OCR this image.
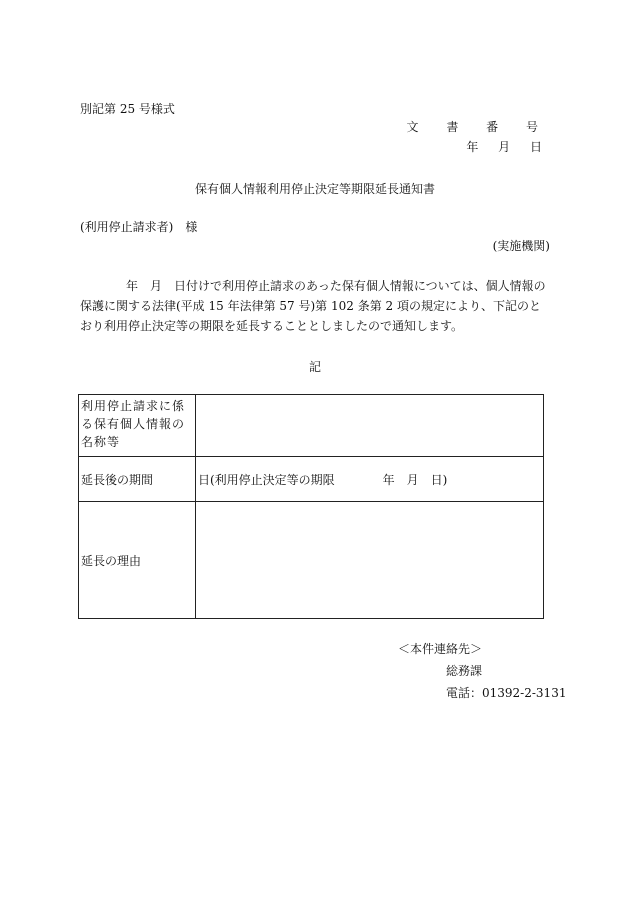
別記第 25 号様式
文 書 番 号
年 月 日
保有個人情報利用停止決定等期限延長通知書
(利用停止請求者)　様
(実施機関)
年　月　日付けで利用停止請求のあった保有個人情報については、個人情報の保護に関する法律(平成 15 年法律第 57 号)第 102 条第 2 項の規定により、下記のとおり利用停止決定等の期限を延長することとしましたので通知します。
記
利用停止請求に係る保有個人情報の名称等	

延長後の期間	日(利用停止決定等の期限　　　　年　月　日)
延長の理由	
＜本件連絡先＞
総務課
電話：01392-2-3131
